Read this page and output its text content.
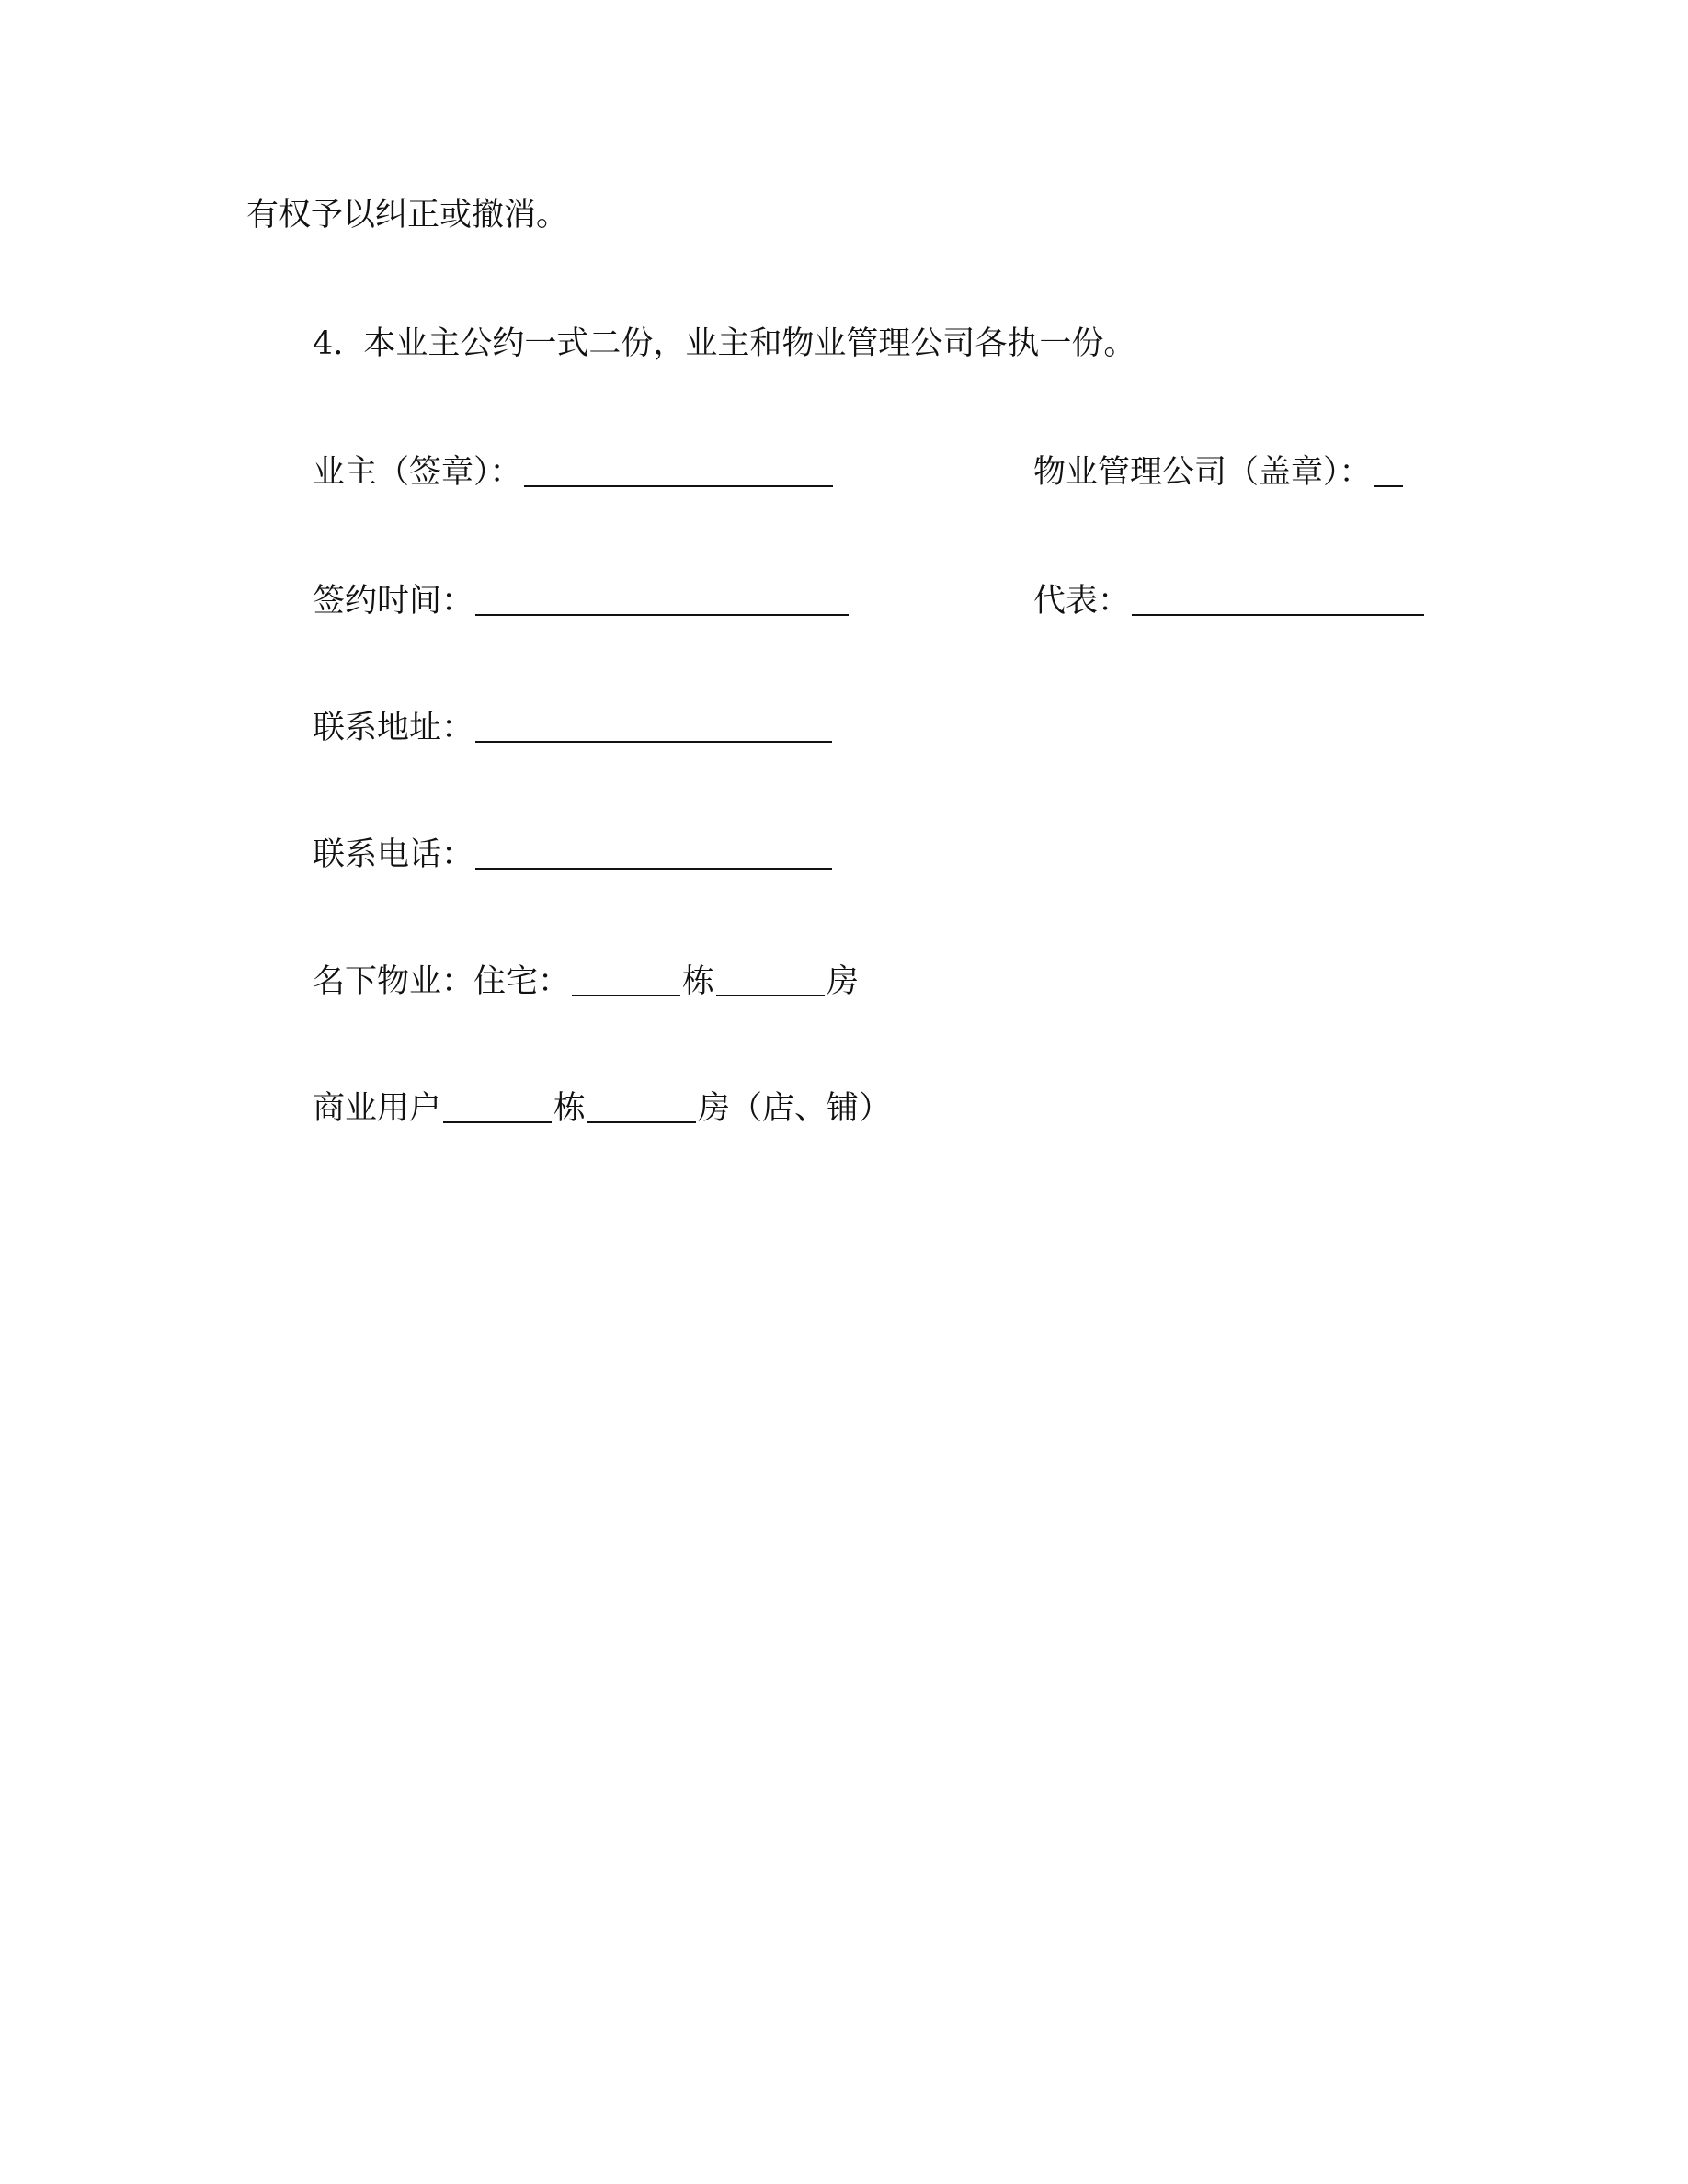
有权予以纠正或撤消。
4. 本业主公约一式二份，业主和物业管理公司各执一份。
业主（签章）：	物业管理公司（盖章）：
签约时间：	代表：
联系地址：
联系电话：
名下物业：住宅：	栋	房
商业用户	栋	房（店、铺）
